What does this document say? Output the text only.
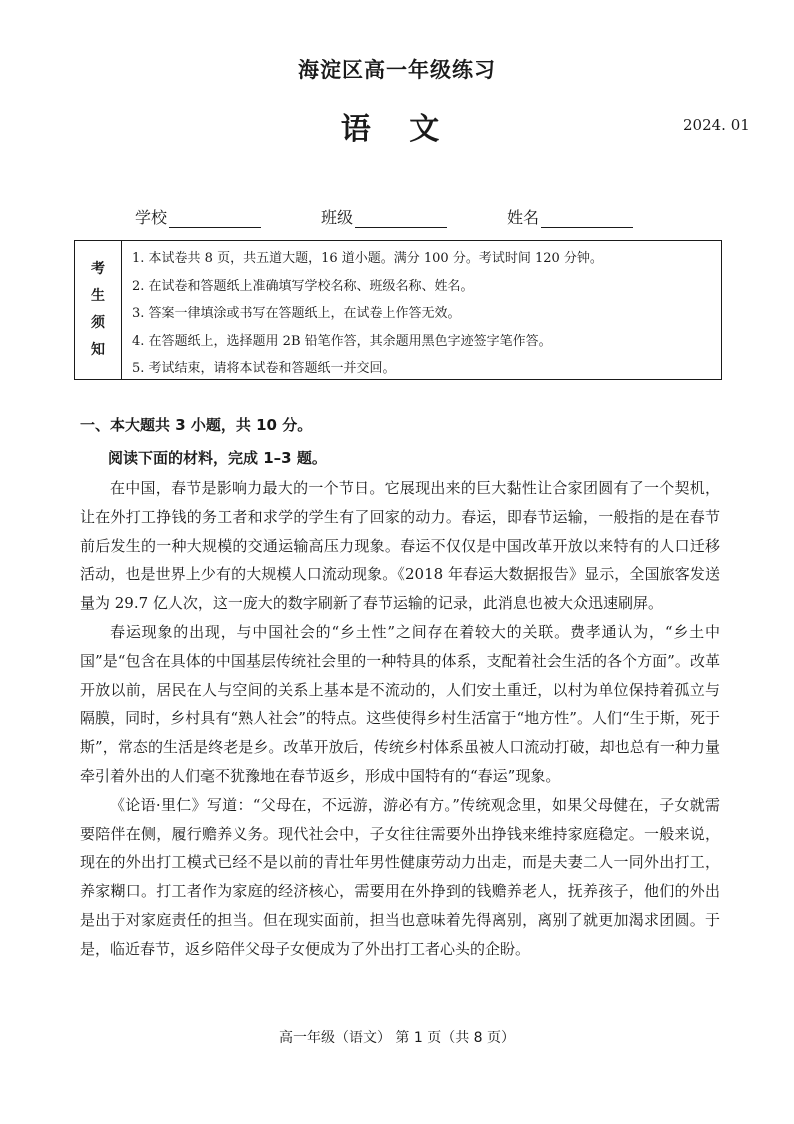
海淀区高一年级练习
语 文	2024. 01
学校	班级	姓名
考
生
须
知
1. 本试卷共 8 页，共五道大题，16 道小题。满分 100 分。考试时间 120 分钟。
2. 在试卷和答题纸上准确填写学校名称、班级名称、姓名。
3. 答案一律填涂或书写在答题纸上，在试卷上作答无效。
4. 在答题纸上，选择题用 2B 铅笔作答，其余题用黑色字迹签字笔作答。
5. 考试结束，请将本试卷和答题纸一并交回。
一、本大题共 3 小题，共 10 分。
阅读下面的材料，完成 1–3 题。

在中国，春节是影响力最大的一个节日。它展现出来的巨大黏性让合家团圆有了一个契机，让在外打工挣钱的务工者和求学的学生有了回家的动力。春运，即春节运输，一般指的是在春节前后发生的一种大规模的交通运输高压力现象。春运不仅仅是中国改革开放以来特有的人口迁移活动，也是世界上少有的大规模人口流动现象。《2018 年春运大数据报告》显示，全国旅客发送量为 29.7 亿人次，这一庞大的数字刷新了春节运输的记录，此消息也被大众迅速刷屏。

春运现象的出现，与中国社会的“乡土性”之间存在着较大的关联。费孝通认为，“乡土中国”是“包含在具体的中国基层传统社会里的一种特具的体系，支配着社会生活的各个方面”。改革开放以前，居民在人与空间的关系上基本是不流动的，人们安土重迁，以村为单位保持着孤立与隔膜，同时，乡村具有“熟人社会”的特点。这些使得乡村生活富于“地方性”。人们“生于斯，死于斯”，常态的生活是终老是乡。改革开放后，传统乡村体系虽被人口流动打破，却也总有一种力量牵引着外出的人们毫不犹豫地在春节返乡，形成中国特有的“春运”现象。

《论语·里仁》写道：“父母在，不远游，游必有方。”传统观念里，如果父母健在，子女就需要陪伴在侧，履行赡养义务。现代社会中，子女往往需要外出挣钱来维持家庭稳定。一般来说，现在的外出打工模式已经不是以前的青壮年男性健康劳动力出走，而是夫妻二人一同外出打工，养家糊口。打工者作为家庭的经济核心，需要用在外挣到的钱赡养老人，抚养孩子，他们的外出是出于对家庭责任的担当。但在现实面前，担当也意味着先得离别，离别了就更加渴求团圆。于是，临近春节，返乡陪伴父母子女便成为了外出打工者心头的企盼。

高一年级（语文） 第 1 页（共 8 页）
